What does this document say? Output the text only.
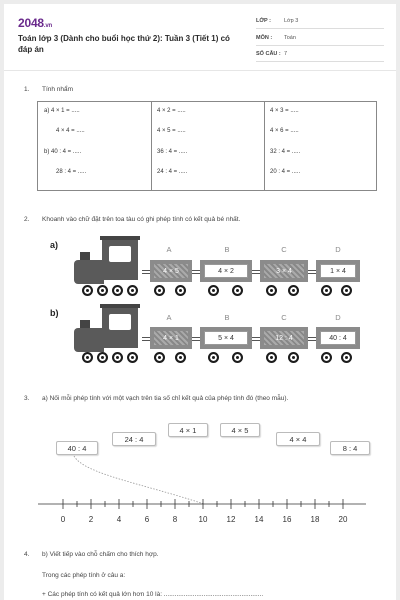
2048.vn
Toán lớp 3 (Dành cho buổi học thứ 2): Tuần 3 (Tiết 1) có đáp án
LỚP : Lớp 3
MÔN : Toán
SỐ CÂU : 7
1. Tính nhẩm
a) 4 × 1 = .....	4 × 2 = .....	4 × 3 = .....
4 × 4 = .....	4 × 5 = .....	4 × 6 = .....
b) 40 : 4 = .....	36 : 4 = .....	32 : 4 = .....
28 : 4 = .....	24 : 4 = .....	20 : 4 = .....
2. Khoanh vào chữ đặt trên toa tàu có ghi phép tính có kết quả bé nhất.
a)	A
4 × 5
B
4 × 2
C
3 × 4
D
1 × 4
b)	A
4 × 1
B
5 × 4
C
12 : 4
D
40 : 4
3. a) Nối mỗi phép tính với một vạch trên tia số chỉ kết quả của phép tính đó (theo mẫu).
40 : 4
24 : 4
4 × 1	4 × 5
4 × 4
8 : 4
0	2	4	6	8	10	12	14	16	18	20
4. b) Viết tiếp vào chỗ chấm cho thích hợp.
Trong các phép tính ở câu a:
+ Các phép tính có kết quả lớn hơn 10 là: .......................................................
